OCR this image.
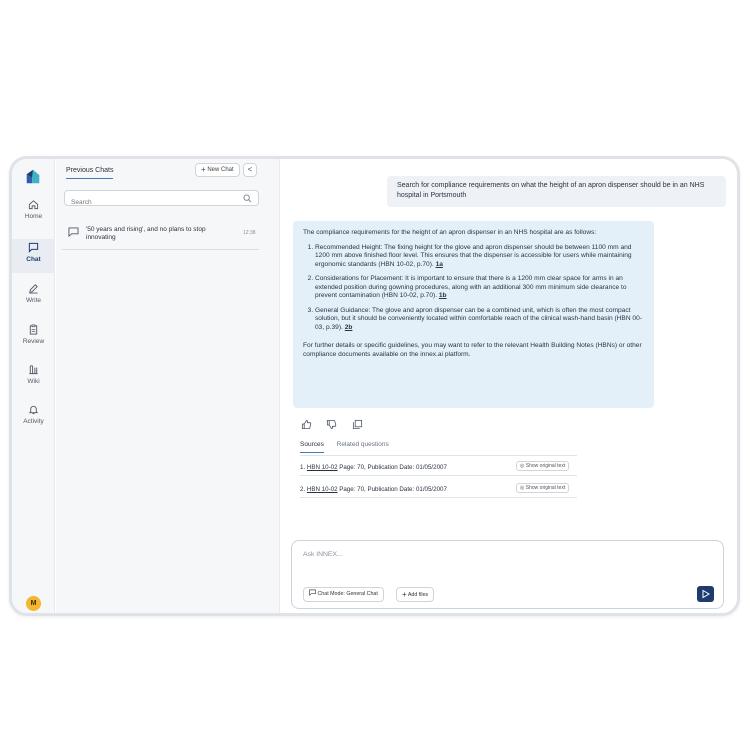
Home
Chat
Write
Review
Wiki
Activity
M
Previous Chats	+ New Chat	<
Search
'50 years and rising', and no plans to stop innovating
12:38
Search for compliance requirements on what the height of an apron dispenser should be in an NHS hospital in Portsmouth

The compliance requirements for the height of an apron dispenser in an NHS hospital are as follows:

1. Recommended Height: The fixing height for the glove and apron dispenser should be between 1100 mm and 1200 mm above finished floor level. This ensures that the dispenser is accessible for users while maintaining ergonomic standards (HBN 10-02, p.70). 1a
2. Considerations for Placement: It is important to ensure that there is a 1200 mm clear space for arms in an extended position during gowning procedures, along with an additional 300 mm minimum side clearance to prevent contamination (HBN 10-02, p.70). 1b
3. General Guidance: The glove and apron dispenser can be a combined unit, which is often the most compact solution, but it should be conveniently located within comfortable reach of the clinical wash-hand basin (HBN 00-03, p.39). 2b

For further details or specific guidelines, you may want to refer to the relevant Health Building Notes (HBNs) or other compliance documents available on the innex.ai platform.

Sources Related questions
1. HBN 10-02 Page: 70, Publication Date: 01/05/2007	◎ Show original text
2. HBN 10-02 Page: 70, Publication Date: 01/05/2007	◎ Show original text
Ask INNEX...
Chat Mode: General Chat	+ Add files
